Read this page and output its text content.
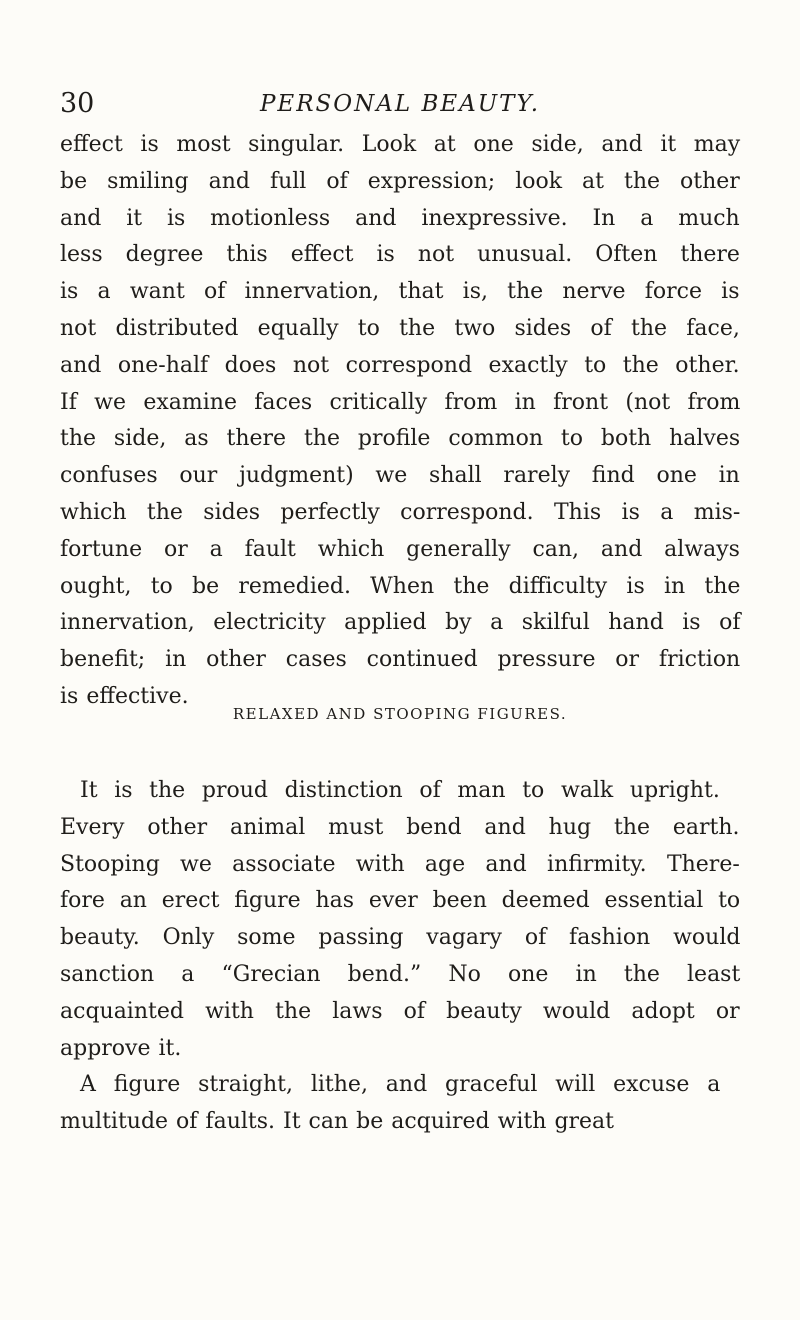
30	PERSONAL BEAUTY.
effect is most singular. Look at one side, and it may
be smiling and full of expression; look at the other
and it is motionless and inexpressive. In a much
less degree this effect is not unusual. Often there
is a want of innervation, that is, the nerve force is
not distributed equally to the two sides of the face,
and one-half does not correspond exactly to the other.
If we examine faces critically from in front (not from
the side, as there the profile common to both halves
confuses our judgment) we shall rarely find one in
which the sides perfectly correspond. This is a mis-
fortune or a fault which generally can, and always
ought, to be remedied. When the difficulty is in the
innervation, electricity applied by a skilful hand is of
benefit; in other cases continued pressure or friction
is effective.
RELAXED AND STOOPING FIGURES.
It is the proud distinction of man to walk upright.
Every other animal must bend and hug the earth.
Stooping we associate with age and infirmity. There-
fore an erect figure has ever been deemed essential to
beauty. Only some passing vagary of fashion would
sanction a “Grecian bend.” No one in the least
acquainted with the laws of beauty would adopt or
approve it.
A figure straight, lithe, and graceful will excuse a
multitude of faults. It can be acquired with great
